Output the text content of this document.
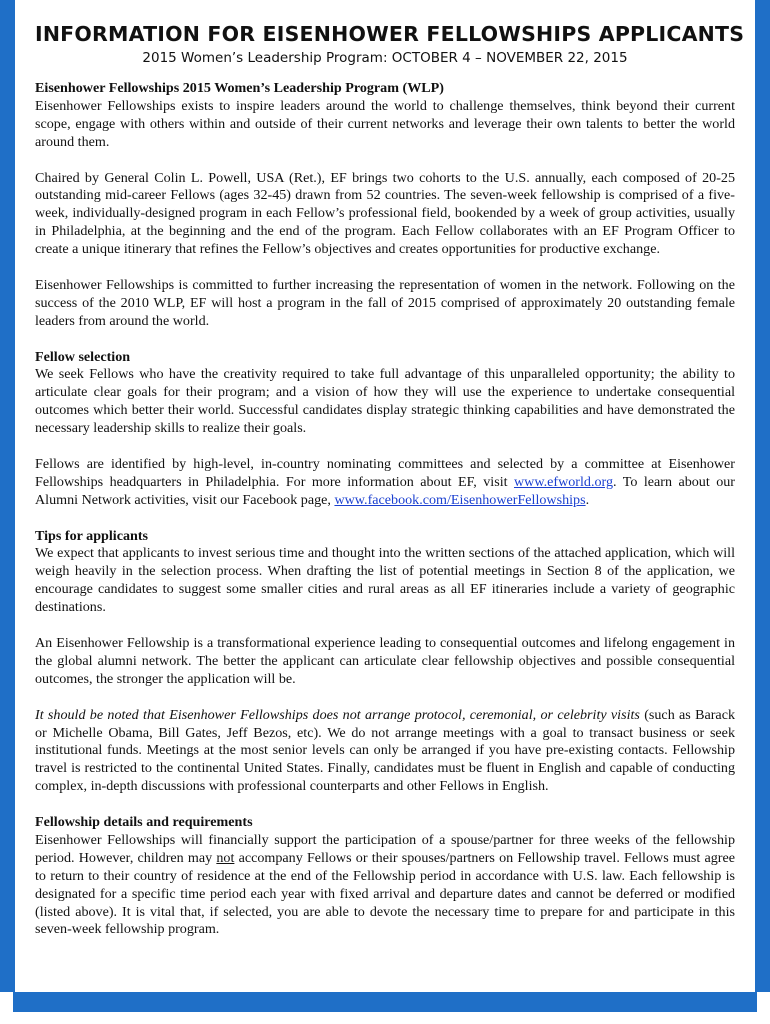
INFORMATION FOR EISENHOWER FELLOWSHIPS APPLICANTS
2015 Women’s Leadership Program: OCTOBER 4 – NOVEMBER 22, 2015
Eisenhower Fellowships 2015 Women’s Leadership Program (WLP)

Eisenhower Fellowships exists to inspire leaders around the world to challenge themselves, think beyond their current scope, engage with others within and outside of their current networks and leverage their own talents to better the world around them.

Chaired by General Colin L. Powell, USA (Ret.), EF brings two cohorts to the U.S. annually, each composed of 20-25 outstanding mid-career Fellows (ages 32-45) drawn from 52 countries. The seven-week fellowship is comprised of a five-week, individually-designed program in each Fellow’s professional field, bookended by a week of group activities, usually in Philadelphia, at the beginning and the end of the program. Each Fellow collaborates with an EF Program Officer to create a unique itinerary that refines the Fellow’s objectives and creates opportunities for productive exchange.

Eisenhower Fellowships is committed to further increasing the representation of women in the network. Following on the success of the 2010 WLP, EF will host a program in the fall of 2015 comprised of approximately 20 outstanding female leaders from around the world.

Fellow selection

We seek Fellows who have the creativity required to take full advantage of this unparalleled opportunity; the ability to articulate clear goals for their program; and a vision of how they will use the experience to undertake consequential outcomes which better their world. Successful candidates display strategic thinking capabilities and have demonstrated the necessary leadership skills to realize their goals.

Fellows are identified by high-level, in-country nominating committees and selected by a committee at Eisenhower Fellowships headquarters in Philadelphia. For more information about EF, visit www.efworld.org. To learn about our Alumni Network activities, visit our Facebook page, www.facebook.com/EisenhowerFellowships.

Tips for applicants

We expect that applicants to invest serious time and thought into the written sections of the attached application, which will weigh heavily in the selection process. When drafting the list of potential meetings in Section 8 of the application, we encourage candidates to suggest some smaller cities and rural areas as all EF itineraries include a variety of geographic destinations.

An Eisenhower Fellowship is a transformational experience leading to consequential outcomes and lifelong engagement in the global alumni network. The better the applicant can articulate clear fellowship objectives and possible consequential outcomes, the stronger the application will be.

It should be noted that Eisenhower Fellowships does not arrange protocol, ceremonial, or celebrity visits (such as Barack or Michelle Obama, Bill Gates, Jeff Bezos, etc). We do not arrange meetings with a goal to transact business or seek institutional funds. Meetings at the most senior levels can only be arranged if you have pre-existing contacts. Fellowship travel is restricted to the continental United States. Finally, candidates must be fluent in English and capable of conducting complex, in-depth discussions with professional counterparts and other Fellows in English.

Fellowship details and requirements

Eisenhower Fellowships will financially support the participation of a spouse/partner for three weeks of the fellowship period. However, children may not accompany Fellows or their spouses/partners on Fellowship travel. Fellows must agree to return to their country of residence at the end of the Fellowship period in accordance with U.S. law. Each fellowship is designated for a specific time period each year with fixed arrival and departure dates and cannot be deferred or modified (listed above). It is vital that, if selected, you are able to devote the necessary time to prepare for and participate in this seven-week fellowship program.
